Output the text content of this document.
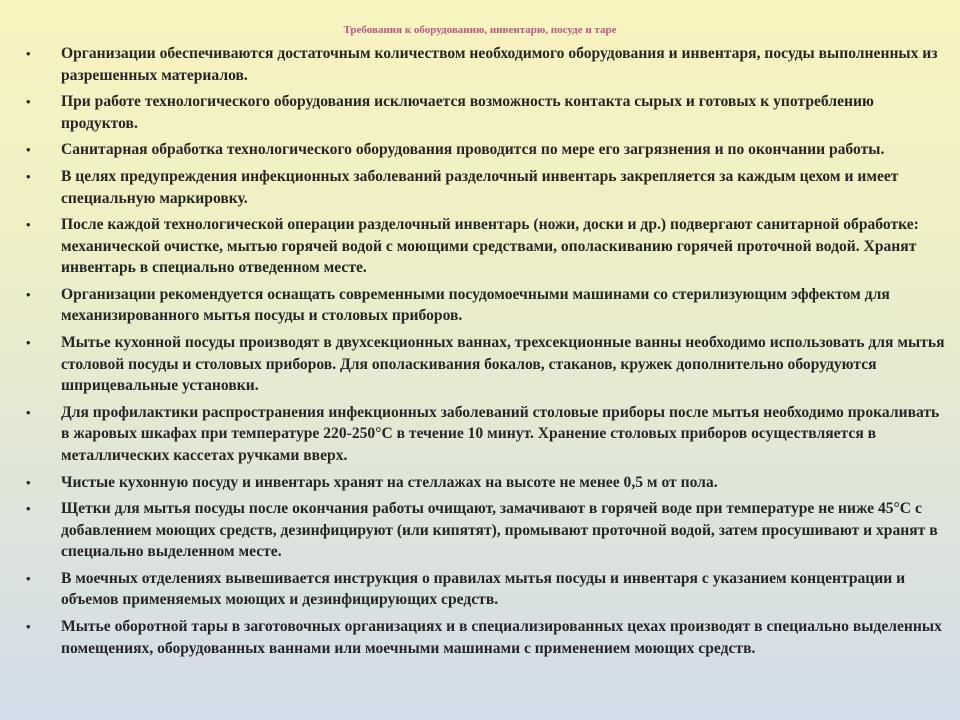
Требования к оборудованию, инвентарю, посуде и таре
• Организации обеспечиваются достаточным количеством необходимого оборудования и инвентаря, посуды выполненных из разрешенных материалов.
• При работе технологического оборудования исключается возможность контакта сырых и готовых к употреблению продуктов.
• Санитарная обработка технологического оборудования проводится по мере его загрязнения и по окончании работы.
• В целях предупреждения инфекционных заболеваний разделочный инвентарь закрепляется за каждым цехом и имеет специальную маркировку.
• После каждой технологической операции разделочный инвентарь (ножи, доски и др.) подвергают санитарной обработке: механической очистке, мытью горячей водой с моющими средствами, ополаскиванию горячей проточной водой. Хранят инвентарь в специально отведенном месте.
• Организации рекомендуется оснащать современными посудомоечными машинами со стерилизующим эффектом для механизированного мытья посуды и столовых приборов.
• Мытье кухонной посуды производят в двухсекционных ваннах, трехсекционные ванны необходимо использовать для мытья столовой посуды и столовых приборов. Для ополаскивания бокалов, стаканов, кружек дополнительно оборудуются шприцевальные установки.
• Для профилактики распространения инфекционных заболеваний столовые приборы после мытья необходимо прокаливать в жаровых шкафах при температуре 220-250°С в течение 10 минут. Хранение столовых приборов осуществляется в металлических кассетах ручками вверх.
• Чистые кухонную посуду и инвентарь хранят на стеллажах на высоте не менее 0,5 м от пола.
• Щетки для мытья посуды после окончания работы очищают, замачивают в горячей воде при температуре не ниже 45°С с добавлением моющих средств, дезинфицируют (или кипятят), промывают проточной водой, затем просушивают и хранят в специально выделенном месте.
• В моечных отделениях вывешивается инструкция о правилах мытья посуды и инвентаря с указанием концентрации и объемов применяемых моющих и дезинфицирующих средств.
• Мытье оборотной тары в заготовочных организациях и в специализированных цехах производят в специально выделенных помещениях, оборудованных ваннами или моечными машинами с применением моющих средств.
